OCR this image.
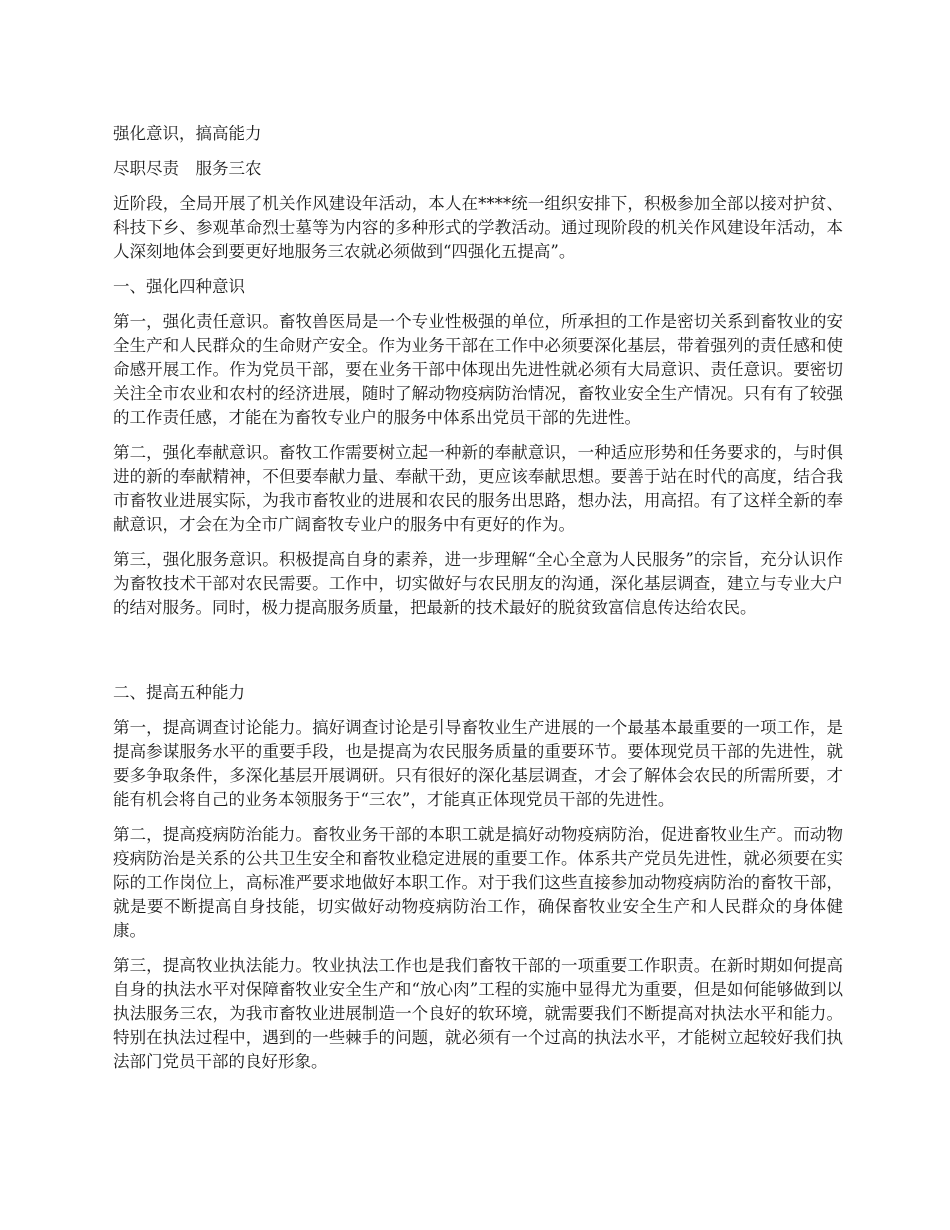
强化意识，搞高能力

尽职尽责　服务三农

近阶段，全局开展了机关作风建设年活动，本人在****统一组织安排下，积极参加全部以接对护贫、科技下乡、参观革命烈士墓等为内容的多种形式的学教活动。通过现阶段的机关作风建设年活动，本人深刻地体会到要更好地服务三农就必须做到“四强化五提高”。

一、强化四种意识

第一，强化责任意识。畜牧兽医局是一个专业性极强的单位，所承担的工作是密切关系到畜牧业的安全生产和人民群众的生命财产安全。作为业务干部在工作中必须要深化基层，带着强列的责任感和使命感开展工作。作为党员干部，要在业务干部中体现出先进性就必须有大局意识、责任意识。要密切关注全市农业和农村的经济进展，随时了解动物疫病防治情况，畜牧业安全生产情况。只有有了较强的工作责任感，才能在为畜牧专业户的服务中体系出党员干部的先进性。

第二，强化奉献意识。畜牧工作需要树立起一种新的奉献意识，一种适应形势和任务要求的，与时俱进的新的奉献精神，不但要奉献力量、奉献干劲，更应该奉献思想。要善于站在时代的高度，结合我市畜牧业进展实际，为我市畜牧业的进展和农民的服务出思路，想办法，用高招。有了这样全新的奉献意识，才会在为全市广阔畜牧专业户的服务中有更好的作为。

第三，强化服务意识。积极提高自身的素养，进一步理解“全心全意为人民服务”的宗旨，充分认识作为畜牧技术干部对农民需要。工作中，切实做好与农民朋友的沟通，深化基层调查，建立与专业大户的结对服务。同时，极力提高服务质量，把最新的技术最好的脱贫致富信息传达给农民。

二、提高五种能力

第一，提高调查讨论能力。搞好调查讨论是引导畜牧业生产进展的一个最基本最重要的一项工作，是提高参谋服务水平的重要手段，也是提高为农民服务质量的重要环节。要体现党员干部的先进性，就要多争取条件，多深化基层开展调研。只有很好的深化基层调查，才会了解体会农民的所需所要，才能有机会将自己的业务本领服务于“三农”，才能真正体现党员干部的先进性。

第二，提高疫病防治能力。畜牧业务干部的本职工就是搞好动物疫病防治，促进畜牧业生产。而动物疫病防治是关系的公共卫生安全和畜牧业稳定进展的重要工作。体系共产党员先进性，就必须要在实际的工作岗位上，高标准严要求地做好本职工作。对于我们这些直接参加动物疫病防治的畜牧干部，就是要不断提高自身技能，切实做好动物疫病防治工作，确保畜牧业安全生产和人民群众的身体健康。

第三，提高牧业执法能力。牧业执法工作也是我们畜牧干部的一项重要工作职责。在新时期如何提高自身的执法水平对保障畜牧业安全生产和“放心肉”工程的实施中显得尤为重要，但是如何能够做到以执法服务三农，为我市畜牧业进展制造一个良好的软环境，就需要我们不断提高对执法水平和能力。特别在执法过程中，遇到的一些棘手的问题，就必须有一个过高的执法水平，才能树立起较好我们执法部门党员干部的良好形象。
